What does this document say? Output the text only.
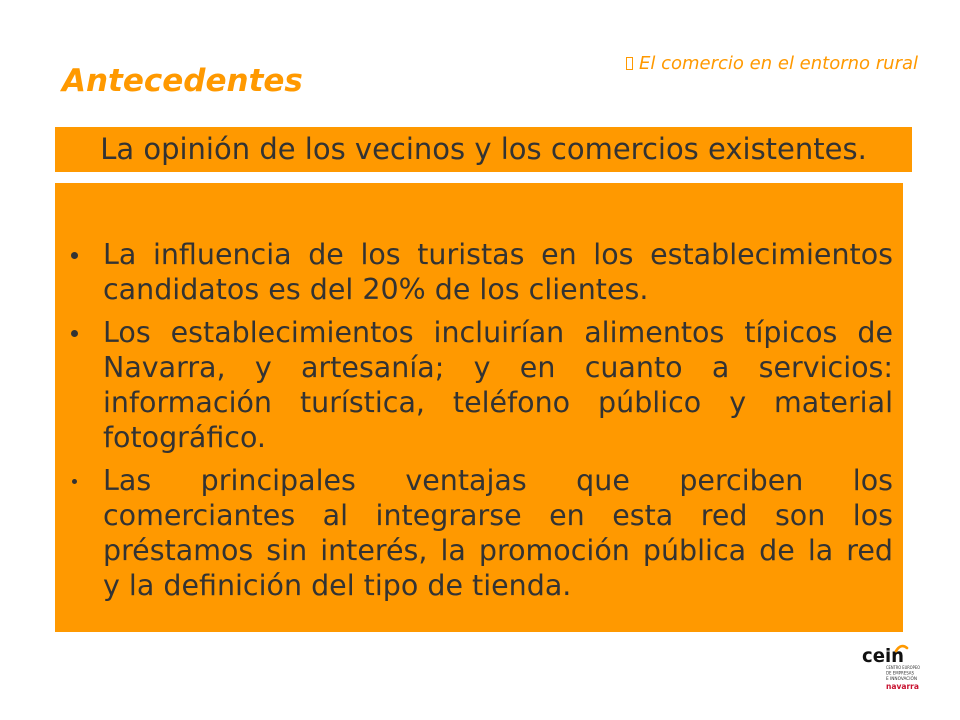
Antecedentes	El comercio en el entorno rural
La opinión de los vecinos y los comercios existentes.
La influencia de los turistas en los establecimientos
candidatos es del 20% de los clientes.
Los establecimientos incluirían alimentos típicos de
Navarra, y artesanía; y en cuanto a servicios:
información turística, teléfono público y material
fotográfico.
Las principales ventajas que perciben los
comerciantes al integrarse en esta red son los
préstamos sin interés, la promoción pública de la red
y la definición del tipo de tienda.
cein
CENTRO EUROPEO
DE EMPRESAS
E INNOVACIÓN
navarra
